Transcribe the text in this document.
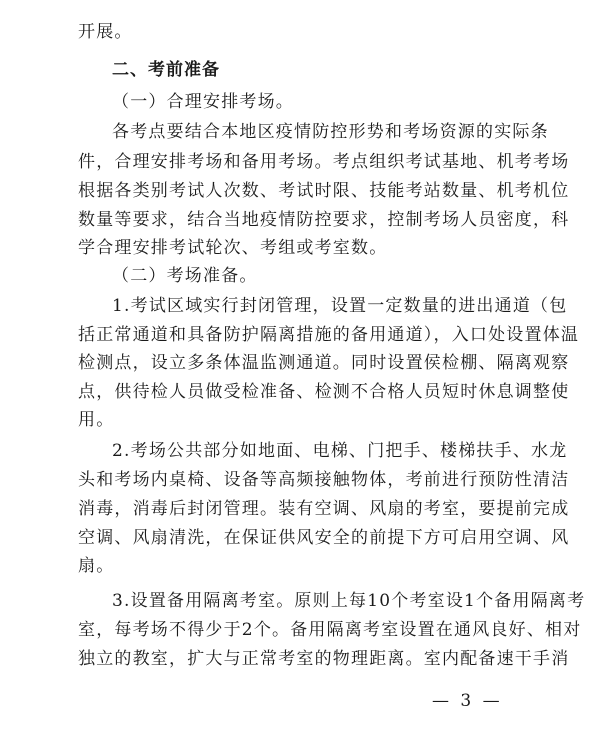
开展。
二、考前准备
（一）合理安排考场。
各考点要结合本地区疫情防控形势和考场资源的实际条
件，合理安排考场和备用考场。考点组织考试基地、机考考场
根据各类别考试人次数、考试时限、技能考站数量、机考机位
数量等要求，结合当地疫情防控要求，控制考场人员密度，科
学合理安排考试轮次、考组或考室数。
（二）考场准备。
1.考试区域实行封闭管理，设置一定数量的进出通道（包
括正常通道和具备防护隔离措施的备用通道），入口处设置体温
检测点，设立多条体温监测通道。同时设置侯检棚、隔离观察
点，供待检人员做受检准备、检测不合格人员短时休息调整使
用。
2.考场公共部分如地面、电梯、门把手、楼梯扶手、水龙
头和考场内桌椅、设备等高频接触物体，考前进行预防性清洁
消毒，消毒后封闭管理。装有空调、风扇的考室，要提前完成
空调、风扇清洗，在保证供风安全的前提下方可启用空调、风
扇。
3.设置备用隔离考室。原则上每10个考室设1个备用隔离考
室，每考场不得少于2个。备用隔离考室设置在通风良好、相对
独立的教室，扩大与正常考室的物理距离。室内配备速干手消
— 3 —
